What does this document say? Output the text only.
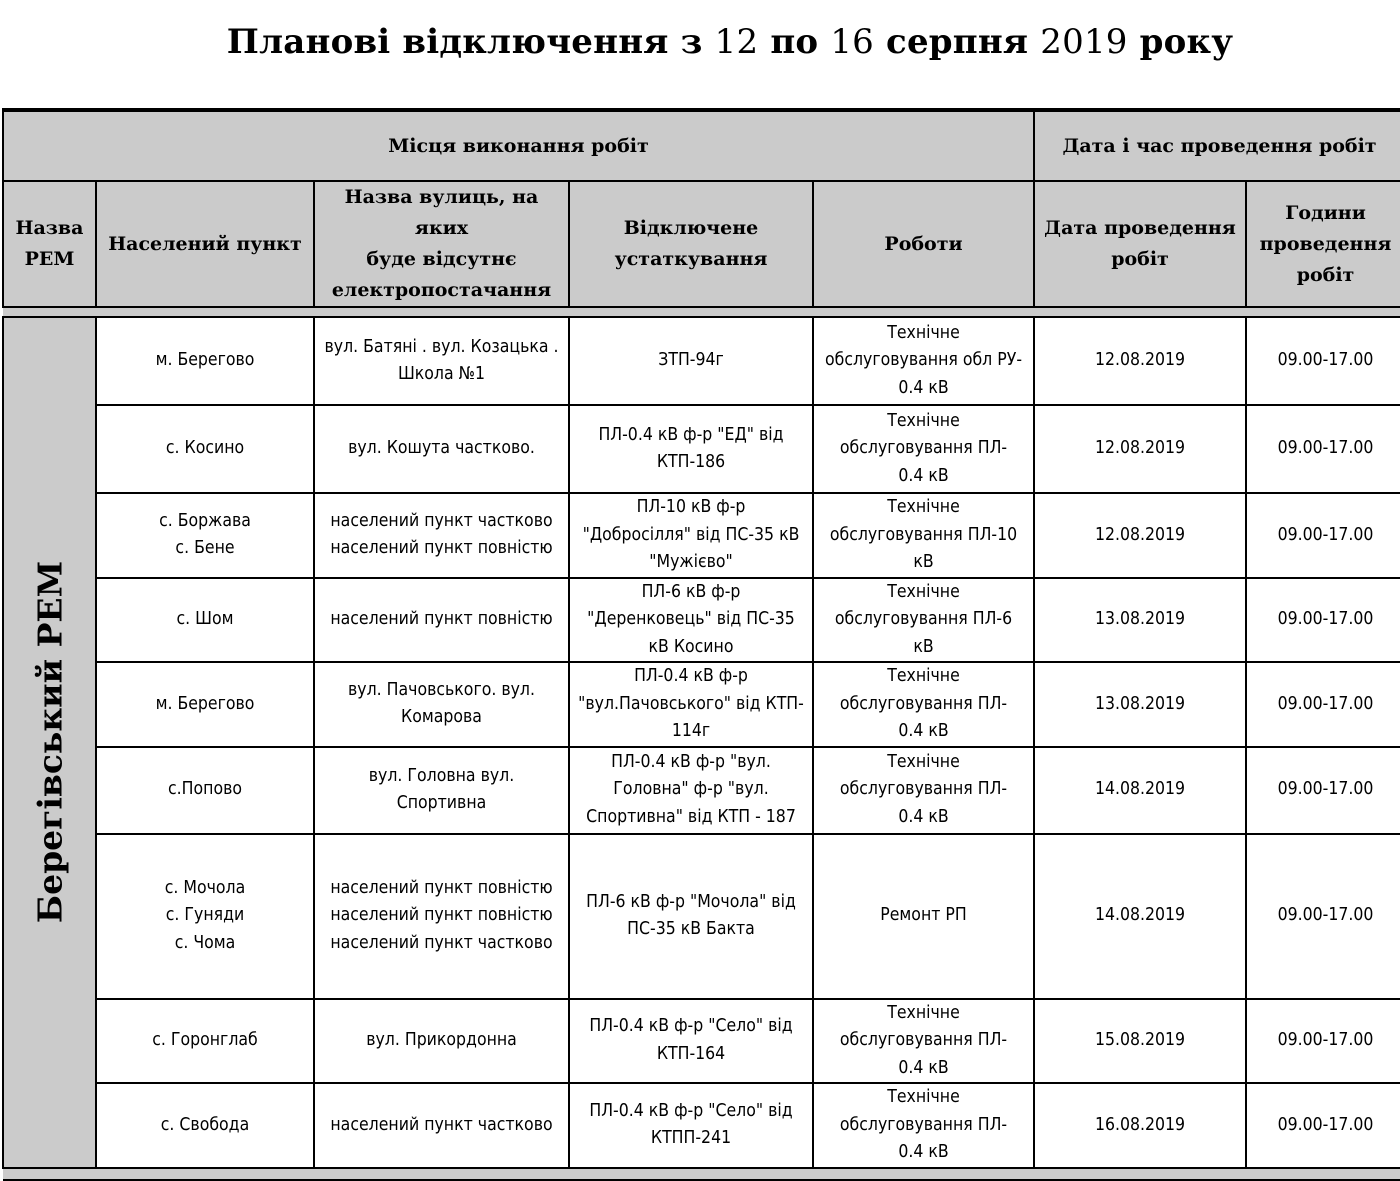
Планові відключення з 12 по 16 серпня 2019 року
Місця виконання робіт					Дата і час проведення робіт	

Назва
РЕМ	Населений пункт	Назва вулиць, на яких
буде відсутнє
електропостачання	Відключене
устаткування	Роботи	Дата проведення
робіт	Години
проведення
робіт

Берегівський РЕМ	м. Берегово	вул. Батяні . вул. Козацька .
Школа №1	ЗТП-94г	Технічне
обслуговування обл РУ-
0.4 кВ	12.08.2019	09.00-17.00

	с. Косино	вул. Кошута частково.	ПЛ-0.4 кВ ф-р "ЕД" від
КТП-186	Технічне
обслуговування ПЛ-
0.4 кВ	12.08.2019	09.00-17.00

	с. Боржава
с. Бене	населений пункт частково
населений пункт повністю	ПЛ-10 кВ ф-р
"Добросілля" від ПС-35 кВ
"Мужієво"	Технічне
обслуговування ПЛ-10
кВ	12.08.2019	09.00-17.00

	с. Шом	населений пункт повністю	ПЛ-6 кВ ф-р
"Деренковець" від ПС-35
кВ Косино	Технічне
обслуговування ПЛ-6
кВ	13.08.2019	09.00-17.00

	м. Берегово	вул. Пачовського. вул.
Комарова	ПЛ-0.4 кВ ф-р
"вул.Пачовського" від КТП-
114г	Технічне
обслуговування ПЛ-
0.4 кВ	13.08.2019	09.00-17.00

	с.Попово	вул. Головна вул.
Спортивна	ПЛ-0.4 кВ ф-р "вул.
Головна" ф-р "вул.
Спортивна" від КТП - 187	Технічне
обслуговування ПЛ-
0.4 кВ	14.08.2019	09.00-17.00

	с. Мочола
с. Гуняди
с. Чома	населений пункт повністю
населений пункт повністю
населений пункт частково	ПЛ-6 кВ ф-р "Мочола" від
ПС-35 кВ Бакта	Ремонт РП	14.08.2019	09.00-17.00

	с. Горонглаб	вул. Прикордонна	ПЛ-0.4 кВ ф-р "Село" від
КТП-164	Технічне
обслуговування ПЛ-
0.4 кВ	15.08.2019	09.00-17.00

	с. Свобода	населений пункт частково	ПЛ-0.4 кВ ф-р "Село" від
КТПП-241	Технічне
обслуговування ПЛ-
0.4 кВ	16.08.2019	09.00-17.00
